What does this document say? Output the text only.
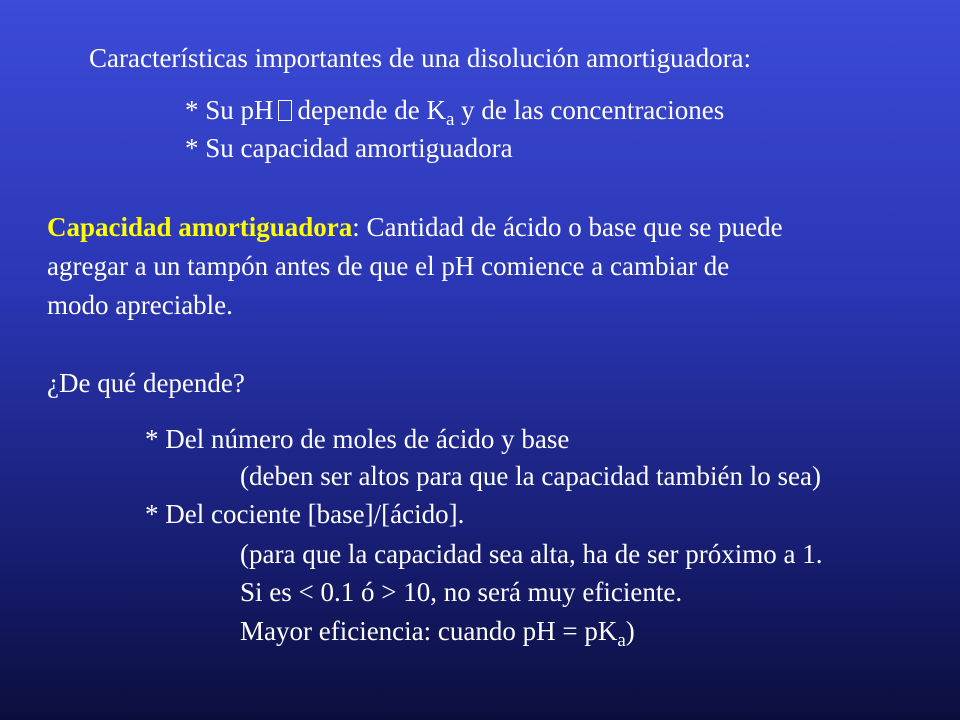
Características importantes de una disolución amortiguadora:
* Su pH depende de $K_a$ y de las concentraciones
* Su capacidad amortiguadora
Capacidad amortiguadora: Cantidad de ácido o base que se puede
agregar a un tampón antes de que el pH comience a cambiar de
modo apreciable.
¿De qué depende?
* Del número de moles de ácido y base
(deben ser altos para que la capacidad también lo sea)
* Del cociente [base]/[ácido].
(para que la capacidad sea alta, ha de ser próximo a 1.
Si es < 0.1 ó > 10, no será muy eficiente.
Mayor eficiencia: cuando pH = $pK_a$)
